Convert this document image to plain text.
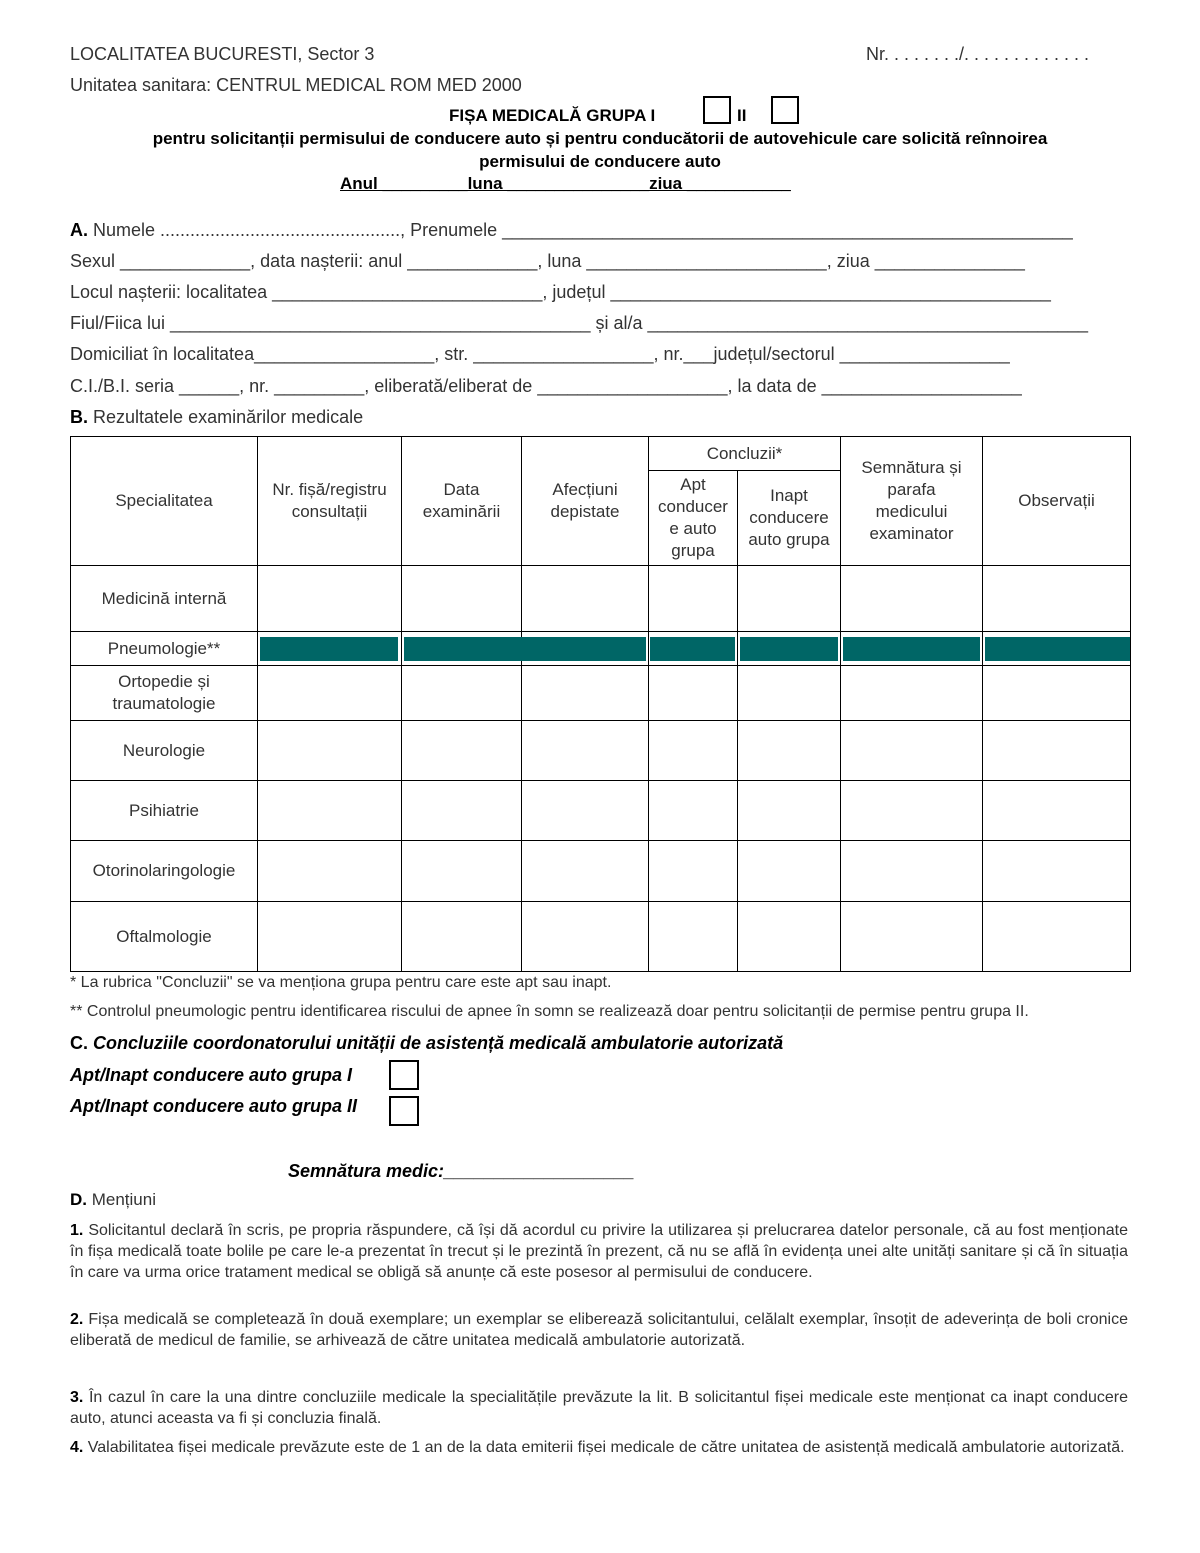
LOCALITATEA BUCURESTI, Sector 3	Nr. . . . . . . ./. . . . . . . . . . . . .
Unitatea sanitara: CENTRUL MEDICAL ROM MED 2000
FIȘA MEDICALĂ GRUPA I	II
pentru solicitanții permisului de conducere auto și pentru conducătorii de autovehicule care solicită reînnoirea
permisului de conducere auto
Anul _________luna _______________ziua ___________
A. Numele ................................................, Prenumele _________________________________________________________
Sexul _____________, data nașterii: anul _____________, luna ________________________, ziua _______________
Locul nașterii: localitatea ___________________________, județul ____________________________________________
Fiul/Fiica lui __________________________________________ și al/a ____________________________________________
Domiciliat în localitatea__________________, str. __________________, nr.___județul/sectorul _________________
C.I./B.I. seria ______, nr. _________, eliberată/eliberat de ___________________, la data de ____________________
B. Rezultatele examinărilor medicale
Specialitatea
Nr. fișă/registru consultații
Data examinării
Afecțiuni depistate
Concluzii*
Apt conducer e auto grupa
Inapt conducere auto grupa
Semnătura și parafa medicului examinator
Observații
Medicină internă
Pneumologie**
Ortopedie și traumatologie
Neurologie
Psihiatrie
Otorinolaringologie
Oftalmologie
* La rubrica "Concluzii" se va menționa grupa pentru care este apt sau inapt.
** Controlul pneumologic pentru identificarea riscului de apnee în somn se realizează doar pentru solicitanții de permise pentru grupa II.
C. Concluziile coordonatorului unității de asistență medicală ambulatorie autorizată
Apt/Inapt conducere auto grupa I
Apt/Inapt conducere auto grupa II
Semnătura medic:___________________
D. Mențiuni
1. Solicitantul declară în scris, pe propria răspundere, că își dă acordul cu privire la utilizarea și prelucrarea datelor personale, că au fost menționate în fișa medicală toate bolile pe care le-a prezentat în trecut și le prezintă în prezent, că nu se află în evidența unei alte unități sanitare și că în situația în care va urma orice tratament medical se obligă să anunțe că este posesor al permisului de conducere.
2. Fișa medicală se completează în două exemplare; un exemplar se eliberează solicitantului, celălalt exemplar, însoțit de adeverința de boli cronice eliberată de medicul de familie, se arhivează de către unitatea medicală ambulatorie autorizată.
3. În cazul în care la una dintre concluziile medicale la specialitățile prevăzute la lit. B solicitantul fișei medicale este menționat ca inapt conducere auto, atunci aceasta va fi și concluzia finală.
4. Valabilitatea fișei medicale prevăzute este de 1 an de la data emiterii fișei medicale de către unitatea de asistență medicală ambulatorie autorizată.
